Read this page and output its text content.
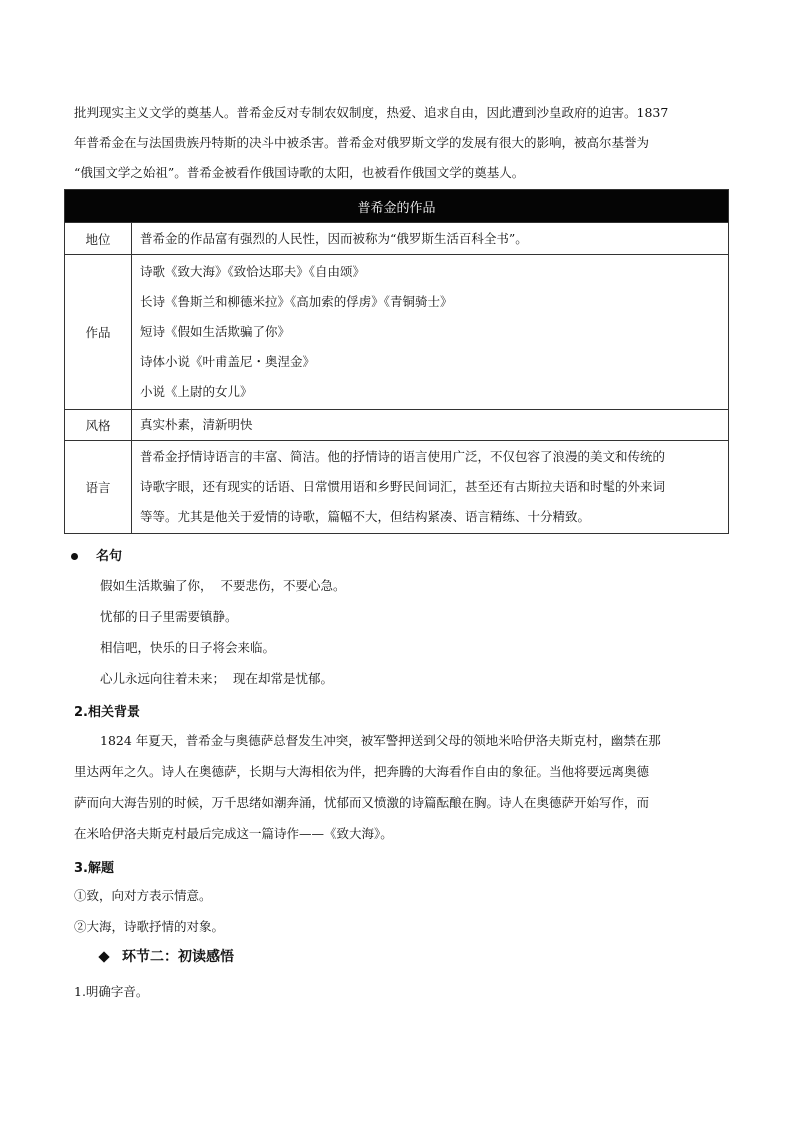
批判现实主义文学的奠基人。普希金反对专制农奴制度，热爱、追求自由，因此遭到沙皇政府的迫害。1837

年普希金在与法国贵族丹特斯的决斗中被杀害。普希金对俄罗斯文学的发展有很大的影响，被高尔基誉为

“俄国文学之始祖”。普希金被看作俄国诗歌的太阳，也被看作俄国文学的奠基人。

普希金的作品	
地位	普希金的作品富有强烈的人民性，因而被称为“俄罗斯生活百科全书”。

作品	诗歌《致大海》《致恰达耶夫》《自由颂》
长诗《鲁斯兰和柳德米拉》《高加索的俘虏》《青铜骑士》
短诗《假如生活欺骗了你》
诗体小说《叶甫盖尼・奥涅金》
小说《上尉的女儿》

风格	真实朴素，清新明快

语言	普希金抒情诗语言的丰富、简洁。他的抒情诗的语言使用广泛，不仅包容了浪漫的美文和传统的
诗歌字眼，还有现实的话语、日常惯用语和乡野民间词汇，甚至还有古斯拉夫语和时髦的外来词
等等。尤其是他关于爱情的诗歌，篇幅不大，但结构紧凑、语言精练、十分精致。
名句
假如生活欺骗了你，  不要悲伤，不要心急。
忧郁的日子里需要镇静。
相信吧，快乐的日子将会来临。
心儿永远向往着未来；  现在却常是忧郁。
2.相关背景

1824 年夏天，普希金与奥德萨总督发生冲突，被军警押送到父母的领地米哈伊洛夫斯克村，幽禁在那

里达两年之久。诗人在奥德萨，长期与大海相依为伴，把奔腾的大海看作自由的象征。当他将要远离奥德

萨而向大海告别的时候，万千思绪如潮奔涌，忧郁而又愤激的诗篇酝酿在胸。诗人在奥德萨开始写作，而

在米哈伊洛夫斯克村最后完成这一篇诗作——《致大海》。

3.解题
①致，向对方表示情意。
②大海，诗歌抒情的对象。
环节二：初读感悟
1.明确字音。
